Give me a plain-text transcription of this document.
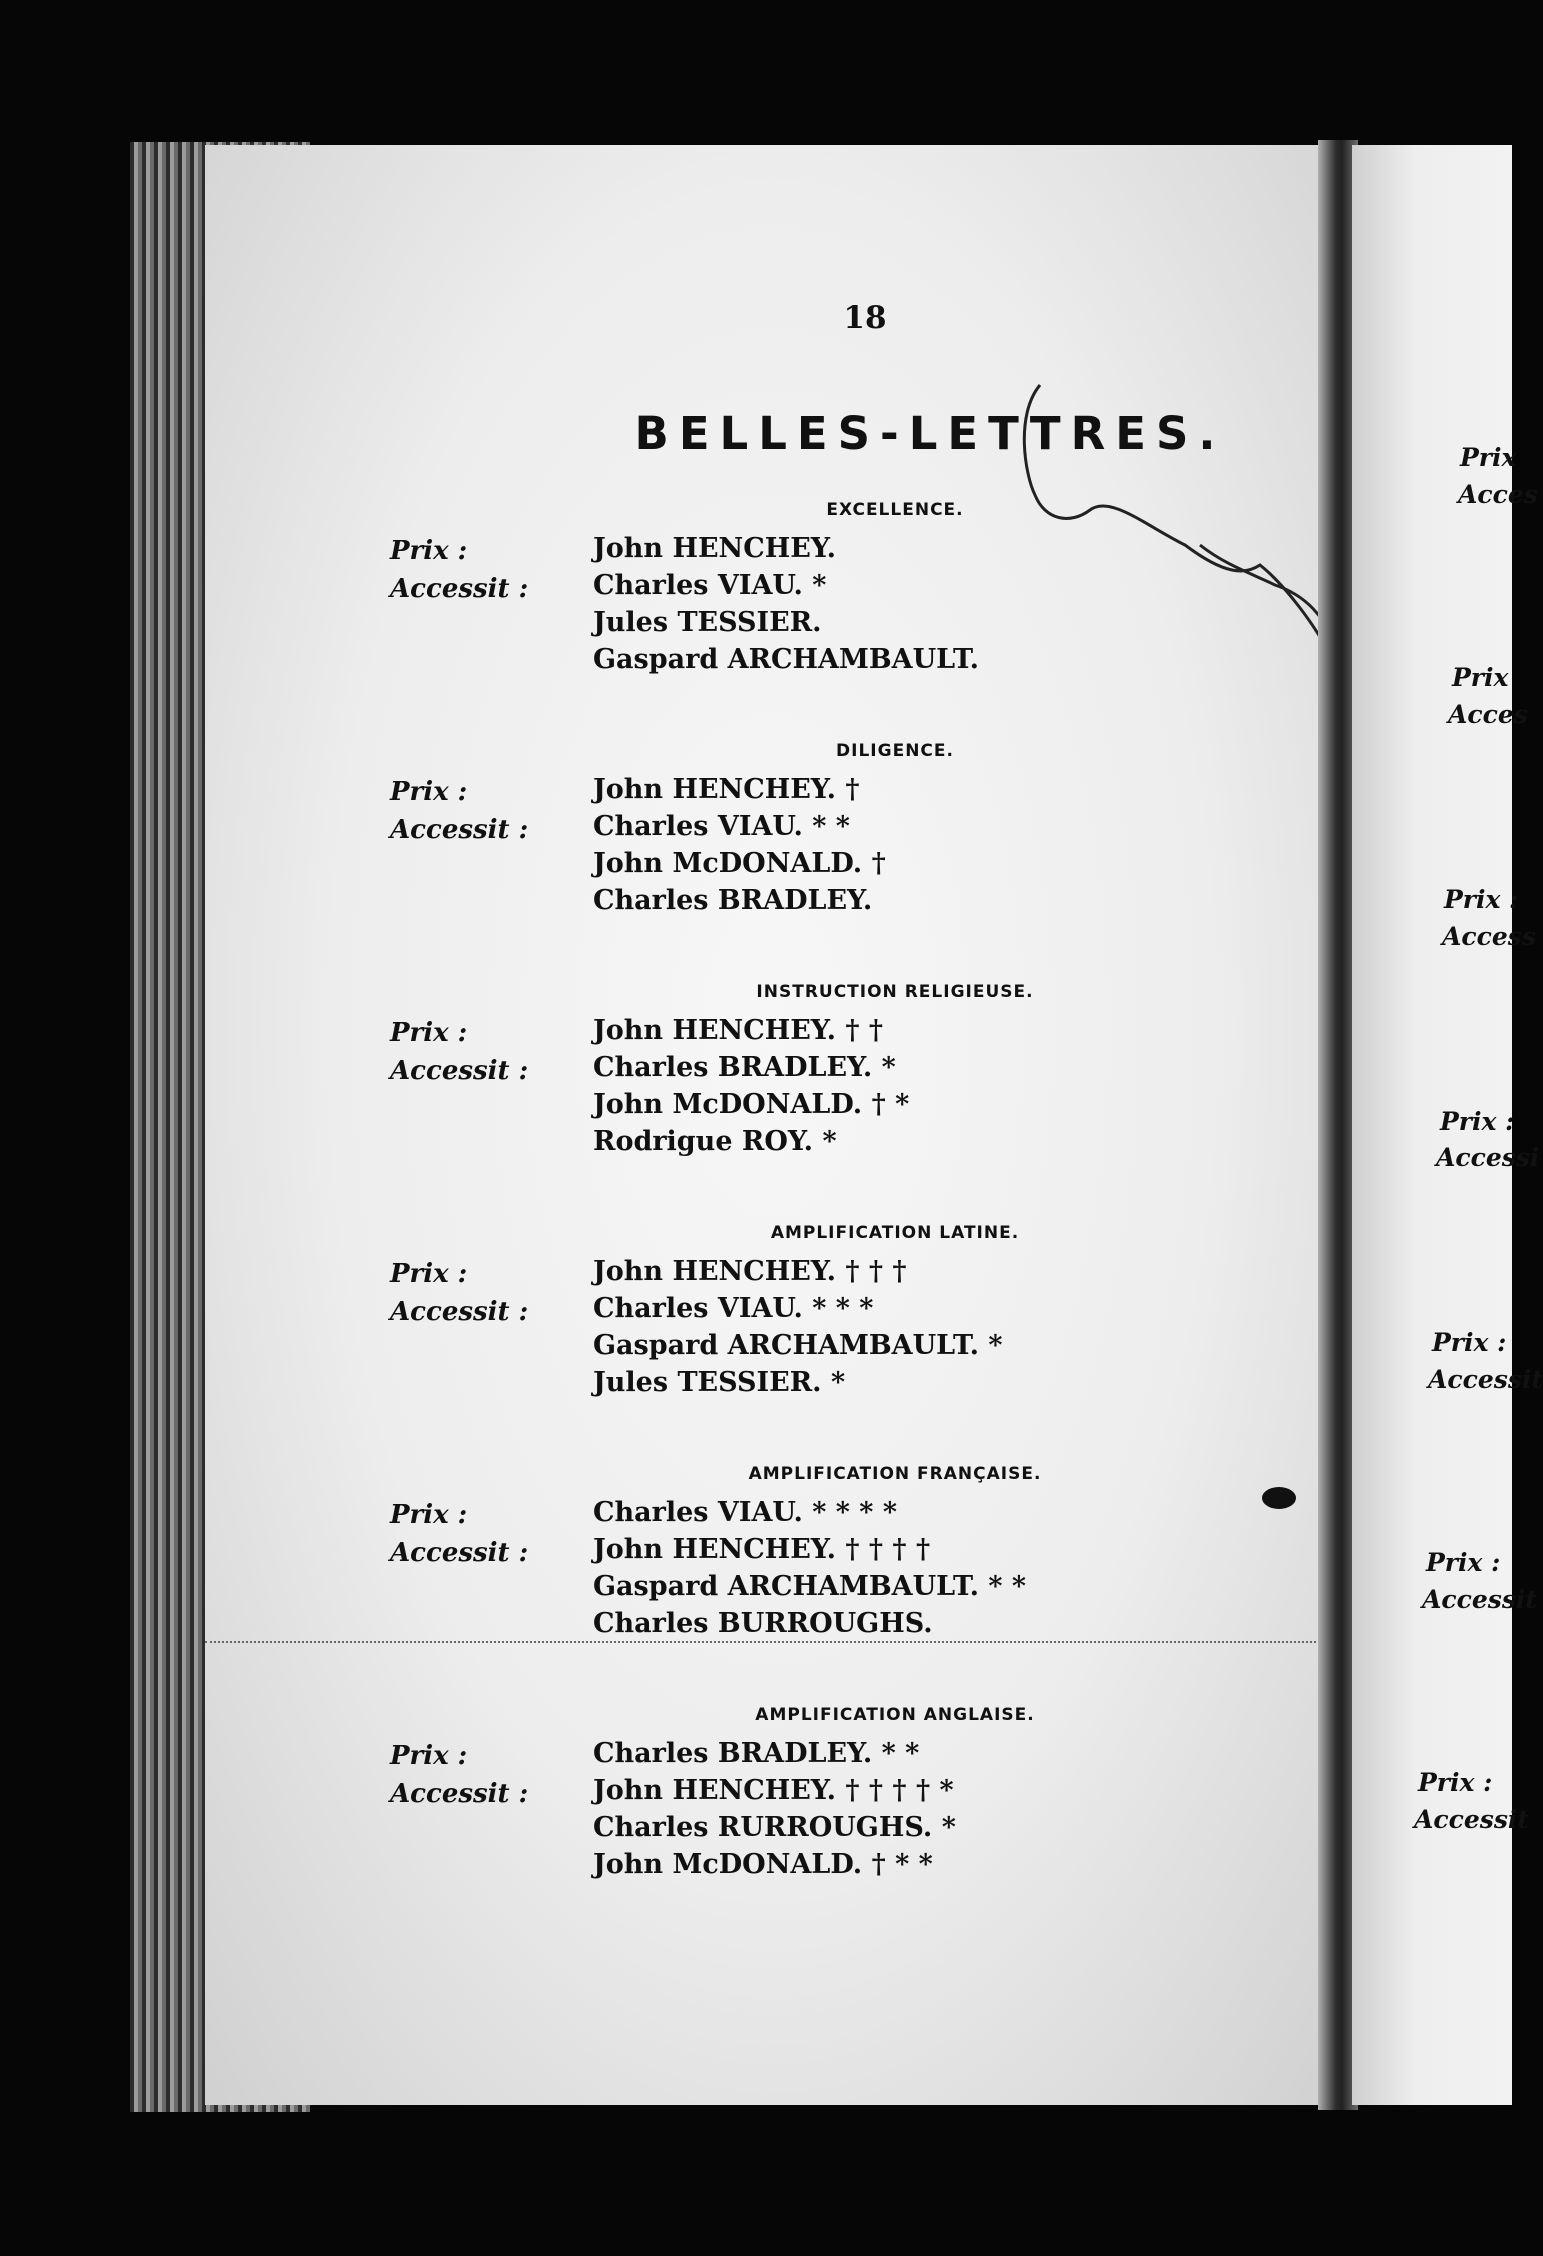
18
BELLES-LETTRES.
EXCELLENCE.
Prix :
Accessit :
John HENCHEY.
Charles VIAU. *
Jules TESSIER.
Gaspard ARCHAMBAULT.
DILIGENCE.
Prix :
Accessit :
John HENCHEY. †
Charles VIAU. * *
John McDONALD. †
Charles BRADLEY.
INSTRUCTION RELIGIEUSE.
Prix :
Accessit :
John HENCHEY. † †
Charles BRADLEY. *
John McDONALD. † *
Rodrigue ROY. *
AMPLIFICATION LATINE.
Prix :
Accessit :
John HENCHEY. † † †
Charles VIAU. * * *
Gaspard ARCHAMBAULT. *
Jules TESSIER. *
AMPLIFICATION FRANÇAISE.
Prix :
Accessit :
Charles VIAU. * * * *
John HENCHEY. † † † †
Gaspard ARCHAMBAULT. * *
Charles BURROUGHS.
AMPLIFICATION ANGLAISE.
Prix :
Accessit :
Charles BRADLEY. * *
John HENCHEY. † † † † *
Charles RURROUGHS. *
John McDONALD. † * *
Prix
Acces
Prix
Acces
Prix :
Access
Prix :
Accessi
Prix :
Accessit
Prix :
Accessit
Prix :
Accessit
